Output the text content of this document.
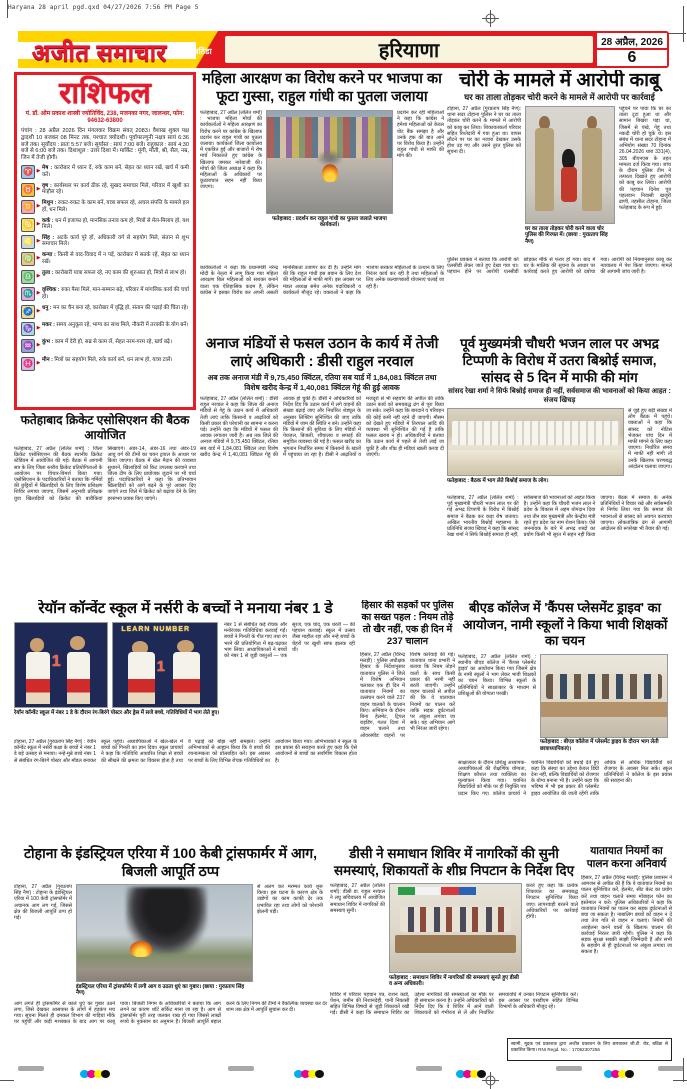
Haryana 28 april pgd.qxd 04/27/2026 7:56 PM Page 5
अजीत समाचार	बठिंडा	हरियाणा	28 अप्रैल, 2026
6
राशिफल
पं. डॉ. ओम प्रकाश शास्त्री ज्योतिर्विद, 238, मजनका नगर, जालन्धर, फोन: 94632-63800
पंचांग : 28 अप्रैल 2026 दिन मंगलवार विक्रम संवत् 2083। वैशाख शुक्ल पक्ष द्वादशी 10 बजकर 08 मिनट तक, पश्चात त्रयोदशी। पूर्वाफाल्गुनी नक्षत्र सायं 6:36 बजे तक। सूर्योदय : प्रातः 5:57 बजे। सूर्यास्त : सायं 7:00 बजे। राहुकाल : सायं 4:30 बजे से 6:00 बजे तक। दिशाशूल : उत्तर दिशा में। मार्किट : मूंगी, मोती, श्री, सैल, नम्र, जिन में तेजी होगी।
♈ ▶ मेष : कारोबार में ध्यान दें, रुके काम बनें, सेहत का ध्यान रखें, खर्च में कमी करें।
♉ ▶ वृष : कार्यस्थल पर कार्य ठीक रहे, सुखद समाचार मिले, परिवार में खुशी का माहौल रहे।
♊ ▶ मिथुन : रुकट-रुकट के काम बनें, यात्रा सफल रहे, अचल संपत्ति के मामले हल हों, धन मिले।
♋ ▶ कर्क : धन में इजाफा हो, मानसिक तनाव कम हो, मित्रों से मेल-मिलाप हो, यश मिले।
♌ ▶ सिंह : अटके कार्य पूरे हों, अधिकारी वर्ग से सहयोग मिले, संतान से शुभ समाचार मिले।
♍ ▶ कन्या : किसी से वाद-विवाद में न पड़ें, कारोबार में सतर्क रहें, सेहत का ध्यान रखें।
♎ ▶ तुला : कारोबारी यात्रा सफल रहे, नए काम की शुरुआत हो, मित्रों से लाभ हो।
♏ ▶ वृश्चिक : रुका पैसा मिले, मान-सम्मान बढ़े, परिवार में मांगलिक कार्य की चर्चा हो।
♐ ▶ धनु : मन का चैन बना रहे, कारोबार में वृद्धि हो, संतान की पढ़ाई की चिंता रहे।
♑ ▶ मकर : समय अनुकूल रहे, भाग्य का साथ मिले, नौकरी में तरक्की के योग बनें।
♒ ▶ कुंभ : काम में देरी हो, सब्र से काम लें, सेहत नरम-गरम रहे, खर्च बढ़े।
♓ ▶ मीन : मित्रों का सहयोग मिले, रुके कार्य बनें, धन लाभ हो, यात्रा टालें।
महिला आरक्षण का विरोध करने पर भाजपा का फूटा गुस्सा, राहुल गांधी का पुतला जलाया
फतेहाबाद, 27 अप्रैल (ललित शर्मा) : भाजपा महिला मोर्चा की कार्यकर्ताओं ने महिला आरक्षण का विरोध करने पर कांग्रेस के खिलाफ प्रदर्शन कर राहुल गांधी का पुतला जलाया। कार्यकर्ता जिला कार्यालय में एकत्रित हुईं और बाजारों में रोष मार्च निकालते हुए कांग्रेस के खिलाफ जमकर नारेबाजी की। मोर्चा की जिला अध्यक्ष ने कहा कि महिलाओं के अधिकारों पर कुठाराघात सहन नहीं किया जाएगा।
फतेहाबाद : प्रदर्शन कर राहुल गांधी का पुतला जलाते भाजपा कार्यकर्ता।
प्रदर्शन कर रही महिलाओं ने कहा कि कांग्रेस ने हमेशा महिलाओं को केवल वोट बैंक समझा है और उनके हक की बात आने पर विरोध किया है। उन्होंने राहुल गांधी से माफी की मांग की।
कार्यकर्ताओं ने कहा कि प्रधानमंत्री नरेन्द्र मोदी के नेतृत्व में लागू किया गया महिला आरक्षण बिल महिलाओं को सशक्त बनाने वाला एक ऐतिहासिक कदम है, लेकिन कांग्रेस ने इसका विरोध कर अपनी असली मानसिकता उजागर कर दी है। उन्होंने मांग की कि राहुल गांधी इस बयान के लिए देश की महिलाओं से माफी मांगें। इस अवसर पर मंडल अध्यक्ष समेत अनेक पदाधिकारी व कार्यकर्ता मौजूद रहे। वक्ताओं ने कहा कि भाजपा सरकार महिलाओं के उत्थान के लिए निरंतर कार्य कर रही है तथा महिलाओं के लिए अनेक कल्याणकारी योजनाएं चलाई जा रही हैं।
चोरी के मामले में आरोपी काबू
घर का ताला तोड़कर चोरी करने के मामले में आरोपी पर कार्रवाई
टोहाना, 27 अप्रैल (गुरप्रताप सिंह नैण): थाना सदर टोहाना पुलिस ने घर का ताला तोड़कर चोरी करने के मामले में आरोपी को काबू कर लिया। शिकायतकर्ता परिवार सहित रिश्तेदारी में गया हुआ था। वापस लौटने पर घर का नजारा देखकर उसके होश उड़ गए और उसने तुरंत पुलिस को सूचना दी।
घर का ताला तोड़कर चोरी करने वाला चोर पुलिस की गिरफ्त में। (छाया : गुरप्रताप सिंह नैण)
पहुंचने पर पाया कि घर का ताला टूटा हुआ था और सामान बिखरा पड़ा था, जिसमें से पंखे, गेहूं तथा नकदी चोरी हो चुके थे। इस संबंध में थाना सदर टोहाना में अभियोग संख्या 70 दिनांक 26.04.2026 धारा 331(4), 305 बीएनएस के तहत मामला दर्ज किया गया। जांच के दौरान पुलिस टीम ने तत्परता दिखाते हुए आरोपी को काबू कर लिया। आरोपी की पहचान दिनेश पुत्र पहलवान निवासी खजूरी ढाणी, तहसील टोहाना, जिला फतेहाबाद के रूप में हुई।
पुलिस प्रवक्ता ने बताया कि आरोपी को एलसीडी लेकर जाते हुए देखा गया था। पहचान होने पर आरोपी एलसीडी छोड़कर मौके से फरार हो गया। बाद में घर के मालिक की सूचना के आधार पर कार्रवाई करते हुए आरोपी को दबोचा गया। आरोपी को नियमानुसार काबू कर न्यायालय में पेश किया जाएगा। मामले की आगामी जांच जारी है।
अनाज मंडियों से फसल उठान के कार्य में तेजी लाएं अधिकारी : डीसी राहुल नरवाल
अब तक अनाज मंडी में 9,75,450 क्विंटल, रतिया सब यार्ड में 1,84,081 क्विंटल तथा विशेष खरीद केन्द्र में 1,40,081 क्विंटल गेहूं की हुई आवक
फतेहाबाद, 27 अप्रैल (ललित शर्मा) : डीसी राहुल नरवाल ने कहा कि जिला की अनाज मंडियों से गेहूं के उठान कार्य में अधिकारी तेजी लाएं ताकि किसानों व आढ़तियों को किसी प्रकार की परेशानी का सामना न करना पड़े। उन्होंने कहा कि मंडियों में फसल की आवक लगातार जारी है। अब तक जिले की अनाज मंडियों में 9,75,450 क्विंटल, रतिया सब यार्ड में 1,84,081 क्विंटल तथा विशेष खरीद केन्द्र में 1,40,081 क्विंटल गेहूं की आवक हो चुकी है। डीसी ने अधिकारियों को निर्देश दिए कि उठान कार्य में लगे वाहनों की संख्या बढ़ाई जाए और निर्धारित शेड्यूल के अनुसार लिफ्टिंग सुनिश्चित की जाए ताकि मंडियों में जाम की स्थिति न बने। उन्होंने कहा कि किसानों की सुविधा के लिए मंडियों में पेयजल, बिजली, शौचालय व सफाई की समुचित व्यवस्था की गई है। फसल खरीद का भुगतान निर्धारित समय में किसानों के खातों में पहुंचाया जा रहा है। डीसी ने आढ़तियों व मजदूरों से भी सहयोग की अपील की ताकि उठान कार्य को समयबद्ध ढंग से पूरा किया जा सके। उन्होंने कहा कि बारदाने व परिवहन की कोई कमी नहीं रहने दी जाएगी। मौसम को देखते हुए मंडियों में तिरपाल आदि की व्यवस्था भी सुनिश्चित की गई है ताकि फसल खराब न हो। अधिकारियों ने बताया कि उठान कार्य में पहले से तेजी लाई जा चुकी है और शीघ्र ही मंडियां खाली करवा दी जाएंगी।
पूर्व मुख्यमंत्री चौधरी भजन लाल पर अभद्र टिप्पणी के विरोध में उतरा बिश्नोई समाज, सांसद से 5 दिन में माफी की मांग
सांसद रेखा शर्मा ने सिर्फ बिश्नोई समाज ही नहीं, सर्वसमाज की भावनाओं को किया आहत : संजय खिचड़
फतेहाबाद : बैठक में भाग लेते बिश्नोई समाज के लोग।
से जुड़े हुए बड़ी संख्या में लोग बैठक में पहुंचे। वक्ताओं ने कहा कि सांसद को नोटिस भेजकर पांच दिन में माफी मांगने के लिए कहा जाएगा। निर्धारित समय में माफी नहीं मांगी तो उनके खिलाफ चरणबद्ध आंदोलन चलाया जाएगा।
फतेहाबाद, 27 अप्रैल (ललित शर्मा) : पूर्व मुख्यमंत्री चौधरी भजन लाल पर की गई अभद्र टिप्पणी के विरोध में बिश्नोई समाज ने बैठक कर कड़ा रोष जताया। अखिल भारतीय बिश्नोई महासभा के प्रतिनिधि संजय खिचड़ ने कहा कि सांसद रेखा शर्मा ने सिर्फ बिश्नोई समाज ही नहीं, सर्वसमाज की भावनाओं को आहत किया है। उन्होंने कहा कि चौधरी भजन लाल ने प्रदेश के विकास में अहम योगदान दिया तथा तीन बार मुख्यमंत्री और केन्द्रीय मंत्री रहते हुए प्रदेश का नाम रोशन किया। ऐसे जननायक के बारे में अभद्र शब्दों का प्रयोग किसी भी सूरत में सहन नहीं किया जाएगा। बैठक में समाज के अनेक प्रतिनिधियों ने विचार रखे और सर्वसम्मति से निर्णय लिया गया कि समाज की भावनाओं से सांसद को अवगत करवाया जाएगा। लोकतांत्रिक ढंग से आगामी आंदोलन की रूपरेखा भी तैयार की गई।
फतेहाबाद क्रिकेट एसोसिएशन की बैठक आयोजित
फतेहाबाद, 27 अप्रैल (ललित शर्मा) : जिला क्रिकेट एसोसिएशन की बैठक स्थानीय क्रिकेट स्टेडियम में आयोजित की गई। बैठक में आगामी सत्र के लिए जिला स्तरीय क्रिकेट प्रतियोगिताओं के आयोजन पर विचार-विमर्श किया गया। एसोसिएशन के पदाधिकारियों ने बताया कि गर्मियों की छुट्टियों में खिलाड़ियों के लिए विशेष प्रशिक्षण शिविर लगाया जाएगा, जिसमें अनुभवी प्रशिक्षक युवा खिलाड़ियों को क्रिकेट की बारीकियां सिखाएंगे। अंडर-14, अंडर-16 तथा अंडर-19 आयु वर्ग की टीमों का चयन ट्रायल के आधार पर किया जाएगा। बैठक में खेल मैदान की व्यवस्था सुधारने, खिलाड़ियों को किट उपलब्ध करवाने तथा जिला टीम के लिए प्रायोजक जुटाने पर भी चर्चा हुई। पदाधिकारियों ने कहा कि प्रतिभावान खिलाड़ियों को आगे बढ़ने के पूरे अवसर दिए जाएंगे तथा जिले में क्रिकेट को बढ़ावा देने के लिए हरसंभव प्रयास किए जाएंगे।
रेयॉन कॉन्वेंट स्कूल में नर्सरी के बच्चों ने मनाया नंबर 1 डे
1
LEARN NUMBER
1
रेयॉन कॉन्वेंट स्कूल में नंबर 1 डे के दौरान रंग-बिरंगे पोस्टर और ड्रेस में सजे बच्चे, गतिविधियों में भाग लेते हुए।
नंबर 1 से संबंधित कई रोचक और मनोरंजक गतिविधियां करवाई गईं। बच्चों ने गिनती के गीत गाए तथा रंग भरने की प्रतियोगिता में बढ़-चढ़कर भाग लिया। अध्यापिकाओं ने बच्चों को नंबर 1 से जुड़ी वस्तुओं — एक सूरज, एक चांद, एक धरती — की पहचान करवाई। स्कूल में उत्सव जैसा माहौल रहा और नन्हे बच्चों के चेहरों पर खुशी साफ झलक रही थी।
टोहाना, 27 अप्रैल (गुरप्रताप सिंह नैण) : रेयॉन कॉन्वेंट स्कूल में नर्सरी कक्षा के बच्चों ने नंबर 1 डे बड़े उत्साह से मनाया। नन्हे-मुन्ने बच्चे नंबर 1 से संबंधित रंग-बिरंगे पोस्टर और मॉडल बनाकर स्कूल पहुंचे। अध्यापिकाओं ने खेल-खेल में बच्चों को गिनती का ज्ञान दिया। स्कूल प्राचार्या ने कहा कि गतिविधि आधारित शिक्षा से बच्चों की सीखने की क्षमता का विकास होता है तथा वे पढ़ाई को बोझ नहीं समझते। उन्होंने अभिभावकों से आह्वान किया कि वे बच्चों की रचनात्मकता को प्रोत्साहित करें। इस अवसर पर बच्चों के लिए विभिन्न रोचक गतिविधियों का आयोजन किया गया। अभिभावकों ने स्कूल के इस प्रयास की सराहना करते हुए कहा कि ऐसे आयोजनों से बच्चों का सर्वांगीण विकास होता है।
हिसार की सड़कों पर पुलिस का सख्त पहल : नियम तोड़े तो खैर नहीं, एक ही दिन में 237 चालान
हिसार, 27 अप्रैल (विरेन्द्र मलड़ी) : पुलिस अधीक्षक हिसार के निर्देशानुसार यातायात पुलिस ने जिले में विशेष अभियान चलाकर एक ही दिन में यातायात नियमों का उल्लंघन करने वाले 237 वाहन चालकों के चालान किए। अभियान के दौरान बिना हेलमेट, ट्रिपल राइडिंग, गलत दिशा में वाहन चलाने तथा ओवरस्पीड वाहनों पर विशेष कार्रवाई की गई। यातायात थाना प्रभारी ने बताया कि नियम तोड़ने वालों के साथ किसी प्रकार की नरमी नहीं बरती जाएगी। उन्होंने वाहन चालकों से अपील की कि वे यातायात नियमों का पालन करें ताकि सड़क दुर्घटनाओं पर अंकुश लगाया जा सके। यह अभियान आगे भी निरंतर जारी रहेगा।
बीएड कॉलेज में 'कैंपस प्लेसमेंट ड्राइव' का आयोजन, नामी स्कूलों ने किया भावी शिक्षकों का चयन
फतेहाबाद, 27 अप्रैल (ललित शर्मा) : स्थानीय बीएड कॉलेज में 'कैंपस प्लेसमेंट ड्राइव' का आयोजन किया गया जिसमें क्षेत्र के नामी स्कूलों ने भाग लेकर भावी शिक्षकों का चयन किया। विभिन्न स्कूलों के प्रतिनिधियों ने साक्षात्कार के माध्यम से प्रशिक्षुओं की योग्यता परखी।
फतेहाबाद : बीएड कॉलेज में प्लेसमेंट ड्राइव के दौरान भाग लेती छात्राध्यापिकाएं।
साक्षात्कार के दौरान प्रशिक्षु अध्यापक-अध्यापिकाओं की शैक्षणिक योग्यता, शिक्षण कौशल तथा व्यक्तित्व का मूल्यांकन किया गया। चयनित विद्यार्थियों को मौके पर ही नियुक्ति पत्र प्रदान किए गए। कॉलेज प्राचार्य ने चयनित विद्यार्थियों को बधाई देते हुए कहा कि संस्था का उद्देश्य केवल डिग्री देना नहीं, बल्कि विद्यार्थियों को रोजगार के योग्य बनाना भी है। उन्होंने कहा कि भविष्य में भी इस प्रकार की प्लेसमेंट ड्राइव आयोजित की जाती रहेंगी ताकि अधिक से अधिक विद्यार्थियों को रोजगार के अवसर मिल सकें। स्कूल प्रतिनिधियों ने कॉलेज के इस प्रयास की सराहना की।
टोहाना के इंडस्ट्रियल एरिया में 100 केबी ट्रांसफार्मर में आग, बिजली आपूर्ति ठप्प
टोहाना, 27 अप्रैल (गुरप्रताप सिंह नैण) : टोहाना के इंडस्ट्रियल एरिया में 100 केवी ट्रांसफॉर्मर में अचानक आग लग गई, जिससे क्षेत्र की बिजली आपूर्ति ठप्प हो गई।
इंडस्ट्रियल एरिया में ट्रांसफॉर्मर में लगी आग व उठता धुएं का गुबार। (छाया : गुरप्रताप सिंह नैण)
से अलग कर मरम्मत कार्य शुरू किया। इस घटना के कारण क्षेत्र के उद्योगों का काम काफी देर तक प्रभावित रहा तथा लोगों को परेशानी झेलनी पड़ी।
आग लगते ही ट्रांसफॉर्मर से काले धुएं का गुबार उठने लगा, जिसे देखकर आसपास के लोगों में हड़कंप मच गया। सूचना मिलते ही दमकल विभाग की गाड़ियां मौके पर पहुंचीं और कड़ी मशक्कत के बाद आग पर काबू पाया। बिजली निगम के अधिकारियों ने बताया कि आग लगने का कारण शॉर्ट सर्किट माना जा रहा है। आग से ट्रांसफॉर्मर पूरी तरह जलकर राख हो गया जिससे लाखों रुपये के नुकसान का अनुमान है। बिजली आपूर्ति बहाल करने के लिए निगम की टीमों ने वैकल्पिक व्यवस्था कर देर शाम तक क्षेत्र में आपूर्ति सुचारू कर दी।
डीसी ने समाधान शिविर में नागरिकों की सुनी समस्याएं, शिकायतों के शीघ्र निपटान के निर्देश दिए
फतेहाबाद, 27 अप्रैल (ललित शर्मा): डीसी डा. राहुल नरवाल ने लघु सचिवालय में आयोजित समाधान शिविर में नागरिकों की समस्याएं सुनीं।
फतेहाबाद : समाधान शिविर में नागरिकों की समस्याएं सुनते हुए डीसी व अन्य अधिकारी।
करते हुए कहा कि प्रत्येक शिकायत का समयबद्ध निपटान सुनिश्चित किया जाए। लापरवाही बरतने वाले अधिकारियों पर कार्रवाई होगी।
शिविर में परिवार पहचान पत्र, राशन कार्ड, पेंशन, जमीन की निशानदेही, पानी निकासी सहित विभिन्न विषयों से जुड़ी शिकायतें रखी गईं। डीसी ने कहा कि समाधान शिविर का उद्देश्य नागरिकों की समस्याओं का मौके पर ही समाधान करना है। उन्होंने अधिकारियों को निर्देश दिए कि वे शिविर में आने वाली शिकायतों को गंभीरता से लें और निर्धारित समयावधि में उनका निपटान सुनिश्चित करें। इस अवसर पर एसडीएम सहित विभिन्न विभागों के अधिकारी मौजूद रहे।
यातायात नियमों का पालन करना अनिवार्य
हिसार, 27 अप्रैल (विरेन्द्र मलड़ी): पुलिस प्रशासन ने आमजन से अपील की है कि वे यातायात नियमों का पालन सुनिश्चित करें, हेलमेट, सीट बेल्ट का प्रयोग करें तथा वाहन चलाते समय मोबाइल फोन का इस्तेमाल न करें। पुलिस अधिकारियों ने कहा कि यातायात नियमों का पालन कर सड़क दुर्घटनाओं से बचा जा सकता है। नाबालिग बच्चों को वाहन न दें तथा तेज गति से वाहन न चलाएं। नियमों की अवहेलना करने वालों के खिलाफ चालान की कार्रवाई निरंतर जारी रहेगी। पुलिस ने कहा कि सड़क सुरक्षा सबकी साझी जिम्मेदारी है और सभी के सहयोग से ही दुर्घटनाओं पर अंकुश लगाया जा सकता है।
स्वामी, मुद्रक एवं प्रकाशक द्वारा अजीत प्रकाशन के लिए छपवाकर जी.टी. रोड, बठिंडा से प्रकाशित किया। RNI Regd. No. : 17092307256
